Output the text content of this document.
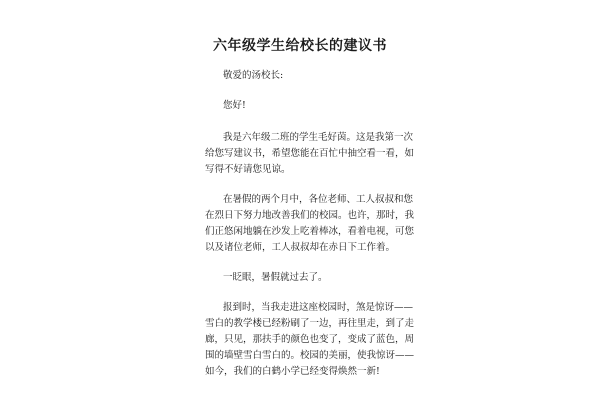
六年级学生给校长的建议书

敬爱的汤校长:

您好!

我是六年级二班的学生毛好茵。这是我第一次
给您写建议书，希望您能在百忙中抽空看一看，如
写得不好请您见谅。

在暑假的两个月中，各位老师、工人叔叔和您
在烈日下努力地改善我们的校园。也许，那时，我
们正悠闲地躺在沙发上吃着棒冰，看着电视，可您
以及诸位老师，工人叔叔却在赤日下工作着。

一眨眼，暑假就过去了。

报到时，当我走进这座校园时，煞是惊讶——
雪白的教学楼已经粉刷了一边，再往里走，到了走
廊，只见，那扶手的颜色也变了，变成了蓝色，周
围的墙壁雪白雪白的。校园的美丽，使我惊讶——
如今，我们的白鹤小学已经变得焕然一新!
